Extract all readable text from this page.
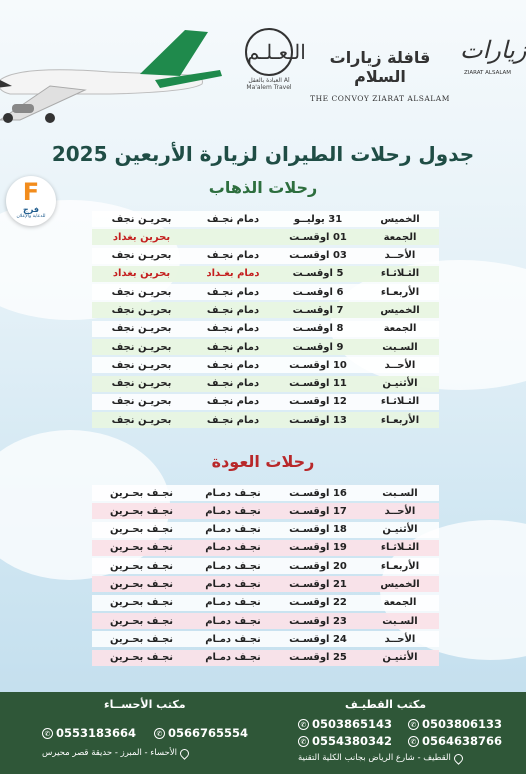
الـعـلـم
العبادة بالعقل Al Ma'alem Travel
قافلة زيارات السلام
THE CONVOY ZIARAT ALSALAM
زيارات
ZIARAT ALSALAM
F
فرج
للدعاية والإعلان
جدول رحلات الطيران لزيارة الأربعين 2025
رحلات الذهاب
الخميس
31 يوليــو
دمام نجـف
بحريـن نجف
الجمعة
01 اوقسـت
بحرين بغداد
الأحــد
03 اوقسـت
دمام نجـف
بحريـن نجف
الثـلاثـاء
5 اوقسـت
دمام بغـداد
بحرين بغداد
الأربعـاء
6 اوقسـت
دمام نجـف
بحريـن نجف
الخميس
7 اوقسـت
دمام نجـف
بحريـن نجف
الجمعة
8 اوقسـت
دمام نجـف
بحريـن نجف
السـبت
9 اوقسـت
دمام نجـف
بحريـن نجف
الأحــد
10 اوقسـت
دمام نجـف
بحريـن نجف
الأثنيـن
11 اوقسـت
دمام نجـف
بحريـن نجف
الثـلاثـاء
12 اوقسـت
دمام نجـف
بحريـن نجف
الأربعـاء
13 اوقسـت
دمام نجـف
بحريـن نجف
رحلات العودة
السـبت
16 اوقسـت
نجـف دمـام
نجـف بحـرين
الأحــد
17 اوقسـت
نجـف دمـام
نجـف بحـرين
الأثنيـن
18 اوقسـت
نجـف دمـام
نجـف بحـرين
الثـلاثـاء
19 اوقسـت
نجـف دمـام
نجـف بحـرين
الأربعـاء
20 اوقسـت
نجـف دمـام
نجـف بحـرين
الخميس
21 اوقسـت
نجـف دمـام
نجـف بحـرين
الجمعة
22 اوقسـت
نجـف دمـام
نجـف بحـرين
السـبت
23 اوقسـت
نجـف دمـام
نجـف بحـرين
الأحــد
24 اوقسـت
نجـف دمـام
نجـف بحـرين
الأثنيـن
25 اوقسـت
نجـف دمـام
نجـف بحـرين
مكتب القطيـف
مكتب الأحســاء
✆ 0503806133
✆ 0503865143
✆ 0564638766
✆ 0554380342
✆ 0566765554
✆ 0553183664
القطيف - شارع الرياض بجانب الكلية التقنية
الأحساء - المبرز - حديقة قصر محيرس
